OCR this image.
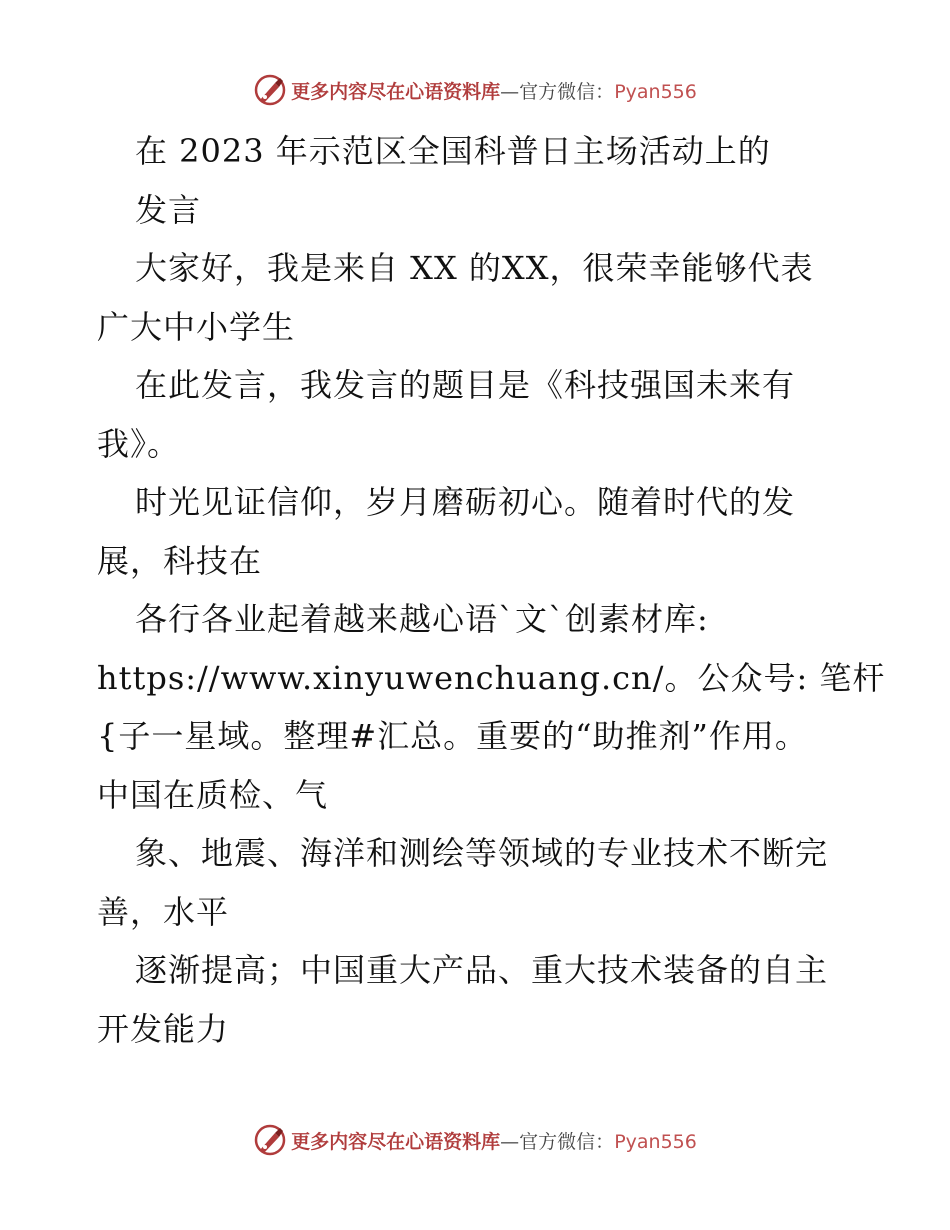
更多内容尽在心语资料库—官方微信：Pyan556
在 2023 年示范区全国科普日主场活动上的
发言
大家好，我是来自 XX 的XX，很荣幸能够代表
广大中小学生
在此发言，我发言的题目是《科技强国未来有
我》。
时光见证信仰，岁月磨砺初心。随着时代的发
展，科技在
各行各业起着越来越心语`文`创素材库:
https://www.xinyuwenchuang.cn/。公众号: 笔杆
{子一星域。整理#汇总。重要的“助推剂”作用。
中国在质检、气
象、地震、海洋和测绘等领域的专业技术不断完
善，水平
逐渐提高；中国重大产品、重大技术装备的自主
开发能力
更多内容尽在心语资料库—官方微信：Pyan556
